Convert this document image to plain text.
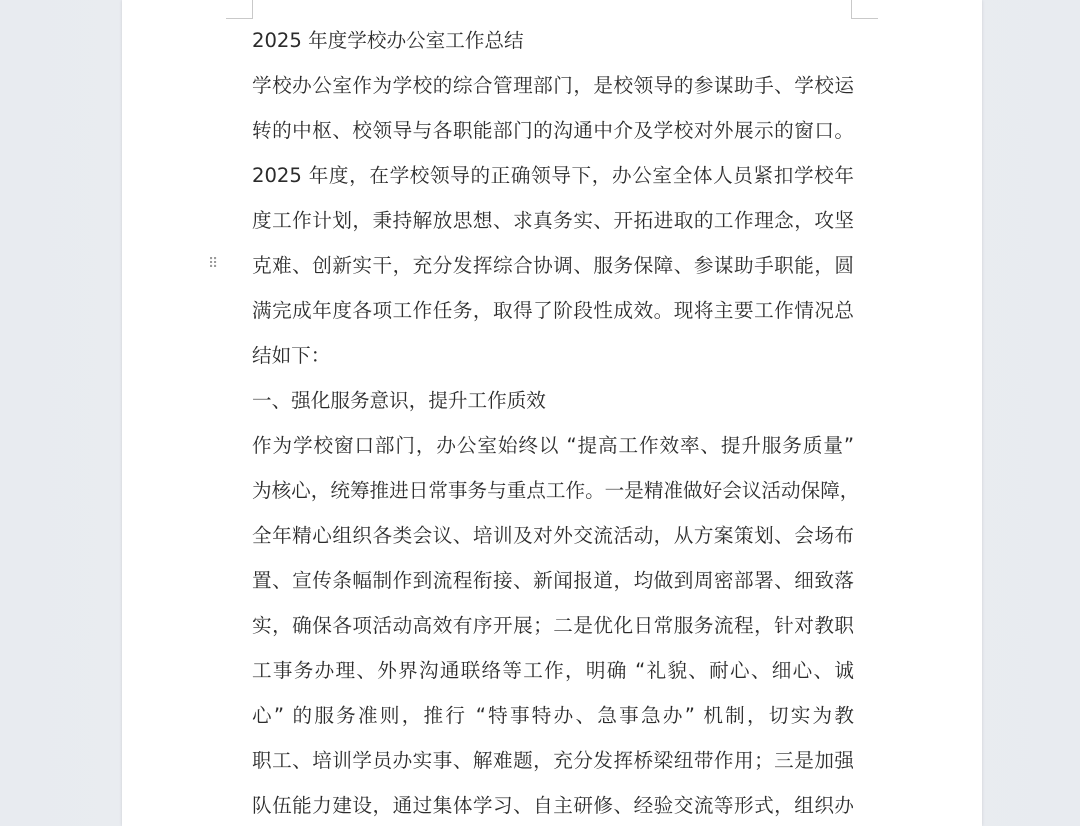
⠿
2025 年度学校办公室工作总结
学校办公室作为学校的综合管理部门，是校领导的参谋助手、学校运
转的中枢、校领导与各职能部门的沟通中介及学校对外展示的窗口。
2025 年度，在学校领导的正确领导下，办公室全体人员紧扣学校年
度工作计划，秉持解放思想、求真务实、开拓进取的工作理念，攻坚
克难、创新实干，充分发挥综合协调、服务保障、参谋助手职能，圆
满完成年度各项工作任务，取得了阶段性成效。现将主要工作情况总
结如下：
一、强化服务意识，提升工作质效
作为学校窗口部门，办公室始终以 “提高工作效率、提升服务质量”
为核心，统筹推进日常事务与重点工作。一是精准做好会议活动保障，
全年精心组织各类会议、培训及对外交流活动，从方案策划、会场布
置、宣传条幅制作到流程衔接、新闻报道，均做到周密部署、细致落
实，确保各项活动高效有序开展；二是优化日常服务流程，针对教职
工事务办理、外界沟通联络等工作，明确 “礼貌、耐心、细心、诚
心” 的服务准则，推行 “特事特办、急事急办” 机制，切实为教
职工、培训学员办实事、解难题，充分发挥桥梁纽带作用；三是加强
队伍能力建设，通过集体学习、自主研修、经验交流等形式，组织办
